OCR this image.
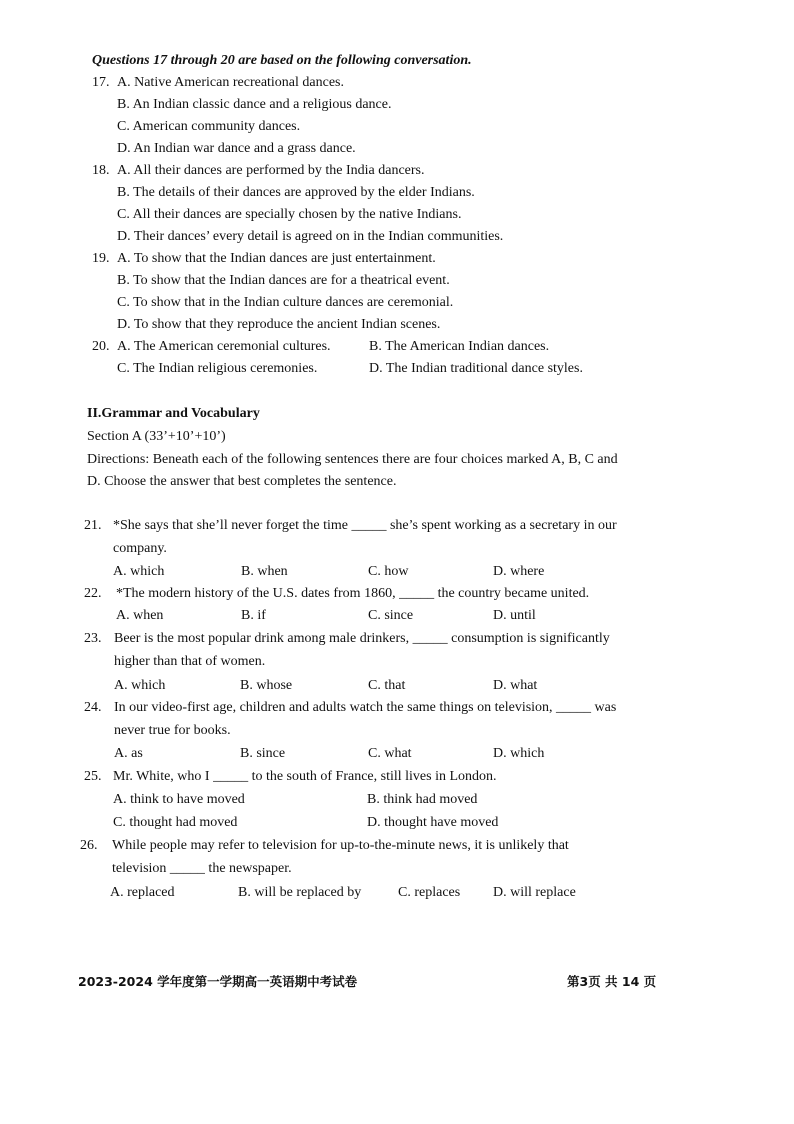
Questions 17 through 20 are based on the following conversation.
17. A. Native American recreational dances.
B. An Indian classic dance and a religious dance.
C. American community dances.
D. An Indian war dance and a grass dance.
18. A. All their dances are performed by the India dancers.
B. The details of their dances are approved by the elder Indians.
C. All their dances are specially chosen by the native Indians.
D. Their dances’ every detail is agreed on in the Indian communities.
19. A. To show that the Indian dances are just entertainment.
B. To show that the Indian dances are for a theatrical event.
C. To show that in the Indian culture dances are ceremonial.
D. To show that they reproduce the ancient Indian scenes.
20. A. The American ceremonial cultures.	B. The American Indian dances.
C. The Indian religious ceremonies.	D. The Indian traditional dance styles.
II.Grammar and Vocabulary
Section A (33’+10’+10’)
Directions: Beneath each of the following sentences there are four choices marked A, B, C and
D. Choose the answer that best completes the sentence.
21. *She says that she’ll never forget the time _____ she’s spent working as a secretary in our
company.
A. which	B. when	C. how	D. where
22. *The modern history of the U.S. dates from 1860, _____ the country became united.
A. when	B. if	C. since	D. until
23. Beer is the most popular drink among male drinkers, _____ consumption is significantly
higher than that of women.
A. which	B. whose	C. that	D. what
24. In our video-first age, children and adults watch the same things on television, _____ was
never true for books.
A. as	B. since	C. what	D. which
25. Mr. White, who I _____ to the south of France, still lives in London.
A. think to have moved	B. think had moved
C. thought had moved	D. thought have moved
26. While people may refer to television for up-to-the-minute news, it is unlikely that
television _____ the newspaper.
A. replaced	B. will be replaced by	C. replaces D. will replace
2023-2024 学年度第一学期高一英语期中考试卷	第3页 共 14 页
